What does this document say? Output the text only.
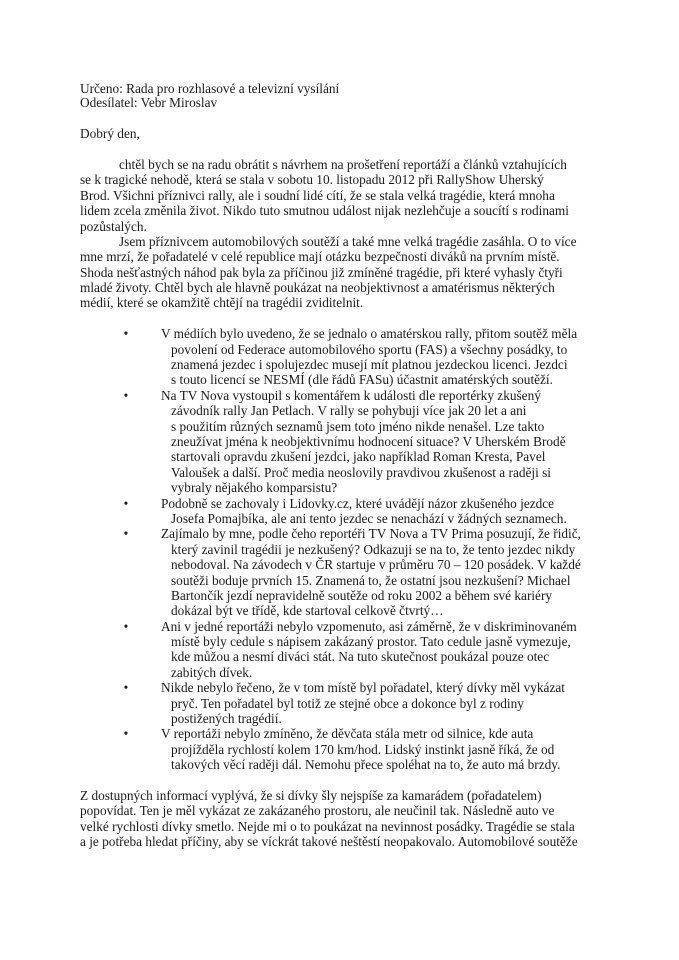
Určeno: Rada pro rozhlasové a televizní vysílání
Odesílatel: Vebr Miroslav
Dobrý den,
chtěl bych se na radu obrátit s návrhem na prošetření reportáží a článků vztahujících
se k tragické nehodě, která se stala v sobotu 10. listopadu 2012 při RallyShow Uherský
Brod. Všichni příznivci rally, ale i soudní lidé cítí, že se stala velká tragédie, která mnoha
lidem zcela změnila život. Nikdo tuto smutnou událost nijak nezlehčuje a soucítí s rodinami
pozůstalých.
Jsem příznivcem automobilových soutěží a také mne velká tragédie zasáhla. O to více
mne mrzí, že pořadatelé v celé republice mají otázku bezpečnosti diváků na prvním místě.
Shoda nešťastných náhod pak byla za příčinou již zmíněné tragédie, při které vyhasly čtyři
mladé životy. Chtěl bych ale hlavně poukázat na neobjektivnost a amatérismus některých
médií, které se okamžitě chtějí na tragédii zviditelnit.
•	V médiích bylo uvedeno, že se jednalo o amatérskou rally, přitom soutěž měla
povolení od Federace automobilového sportu (FAS) a všechny posádky, to
znamená jezdec i spolujezdec musejí mít platnou jezdeckou licenci. Jezdci
s touto licencí se NESMÍ (dle řádů FASu) účastnit amatérských soutěží.
•	Na TV Nova vystoupil s komentářem k události dle reportérky zkušený
závodník rally Jan Petlach. V rally se pohybuji více jak 20 let a ani
s použitím různých seznamů jsem toto jméno nikde nenašel. Lze takto
zneužívat jména k neobjektivnímu hodnocení situace? V Uherském Brodě
startovali opravdu zkušení jezdci, jako například Roman Kresta, Pavel
Valoušek a další. Proč media neoslovily pravdivou zkušenost a raději si
vybraly nějakého komparsistu?
•	Podobně se zachovaly i Lidovky.cz, které uvádějí názor zkušeného jezdce
Josefa Pomajbíka, ale ani tento jezdec se nenachází v žádných seznamech.
•	Zajímalo by mne, podle čeho reportéři TV Nova a TV Prima posuzují, že řidič,
který zavinil tragédii je nezkušený? Odkazuji se na to, že tento jezdec nikdy
nebodoval. Na závodech v ČR startuje v průměru 70 – 120 posádek. V každé
soutěži boduje prvních 15. Znamená to, že ostatní jsou nezkušení? Michael
Bartončík jezdí nepravidelně soutěže od roku 2002 a během své kariéry
dokázal být ve třídě, kde startoval celkově čtvrtý…
•	Ani v jedné reportáži nebylo vzpomenuto, asi záměrně, že v diskriminovaném
místě byly cedule s nápisem zakázaný prostor. Tato cedule jasně vymezuje,
kde můžou a nesmí diváci stát. Na tuto skutečnost poukázal pouze otec
zabitých dívek.
•	Nikde nebylo řečeno, že v tom místě byl pořadatel, který dívky měl vykázat
pryč. Ten pořadatel byl totiž ze stejné obce a dokonce byl z rodiny
postižených tragédií.
•	V reportáži nebylo zmíněno, že děvčata stála metr od silnice, kde auta
projížděla rychlostí kolem 170 km/hod. Lidský instinkt jasně říká, že od
takových věcí raději dál. Nemohu přece spoléhat na to, že auto má brzdy.
Z dostupných informací vyplývá, že si dívky šly nejspíše za kamarádem (pořadatelem)
popovídat. Ten je měl vykázat ze zakázaného prostoru, ale neučinil tak. Následně auto ve
velké rychlosti dívky smetlo. Nejde mi o to poukázat na nevinnost posádky. Tragédie se stala
a je potřeba hledat příčiny, aby se víckrát takové neštěstí neopakovalo. Automobilové soutěže
